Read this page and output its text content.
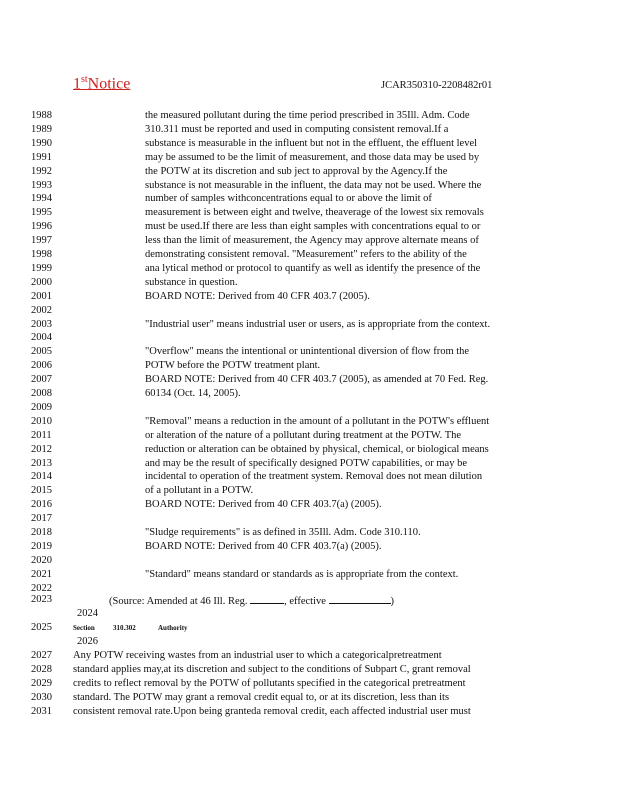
1stNotice	JCAR350310-2208482r01
1988	the measured pollutant during the time period prescribed in 35Ill. Adm. Code
1989	310.311 must be reported and used in computing consistent removal.If a
1990	substance is measurable in the influent but not in the effluent, the effluent level
1991	may be assumed to be the limit of measurement, and those data may be used by
1992	the POTW at its discretion and sub ject to approval by the Agency.If the
1993	substance is not measurable in the influent, the data may not be used. Where the
1994	number of samples withconcentrations equal to or above the limit of
1995	measurement is between eight and twelve, theaverage of the lowest six removals
1996	must be used.If there are less than eight samples with concentrations equal to or
1997	less than the limit of measurement, the Agency may approve alternate means of
1998	demonstrating consistent removal. "Measurement" refers to the ability of the
1999	ana lytical method or protocol to quantify as well as identify the presence of the
2000	substance in question.
2001	BOARD NOTE: Derived from 40 CFR 403.7 (2005).
2002
2003	"Industrial user" means industrial user or users, as is appropriate from the context.
2004
2005	"Overflow" means the intentional or unintentional diversion of flow from the
2006	POTW before the POTW treatment plant.
2007	BOARD NOTE: Derived from 40 CFR 403.7 (2005), as amended at 70 Fed. Reg.
2008	60134 (Oct. 14, 2005).
2009
2010	"Removal" means a reduction in the amount of a pollutant in the POTW's effluent
2011	or alteration of the nature of a pollutant during treatment at the POTW. The
2012	reduction or alteration can be obtained by physical, chemical, or biological means
2013	and may be the result of specifically designed POTW capabilities, or may be
2014	incidental to operation of the treatment system. Removal does not mean dilution
2015	of a pollutant in a POTW.
2016	BOARD NOTE: Derived from 40 CFR 403.7(a) (2005).
2017
2018	"Sludge requirements" is as defined in 35Ill. Adm. Code 310.110.
2019	BOARD NOTE: Derived from 40 CFR 403.7(a) (2005).
2020
2021	"Standard" means standard or standards as is appropriate from the context.
2022
2023	(Source: Amended at 46 Ill. Reg.	, effective	)
2024
2025	Section	310.302	Authority
2026
2027 Any POTW receiving wastes from an industrial user to which a categoricalpretreatment
2028 standard applies may,at its discretion and subject to the conditions of Subpart C, grant removal
2029 credits to reflect removal by the POTW of pollutants specified in the categorical pretreatment
2030 standard. The POTW may grant a removal credit equal to, or at its discretion, less than its
2031 consistent removal rate.Upon being granteda removal credit, each affected industrial user must
